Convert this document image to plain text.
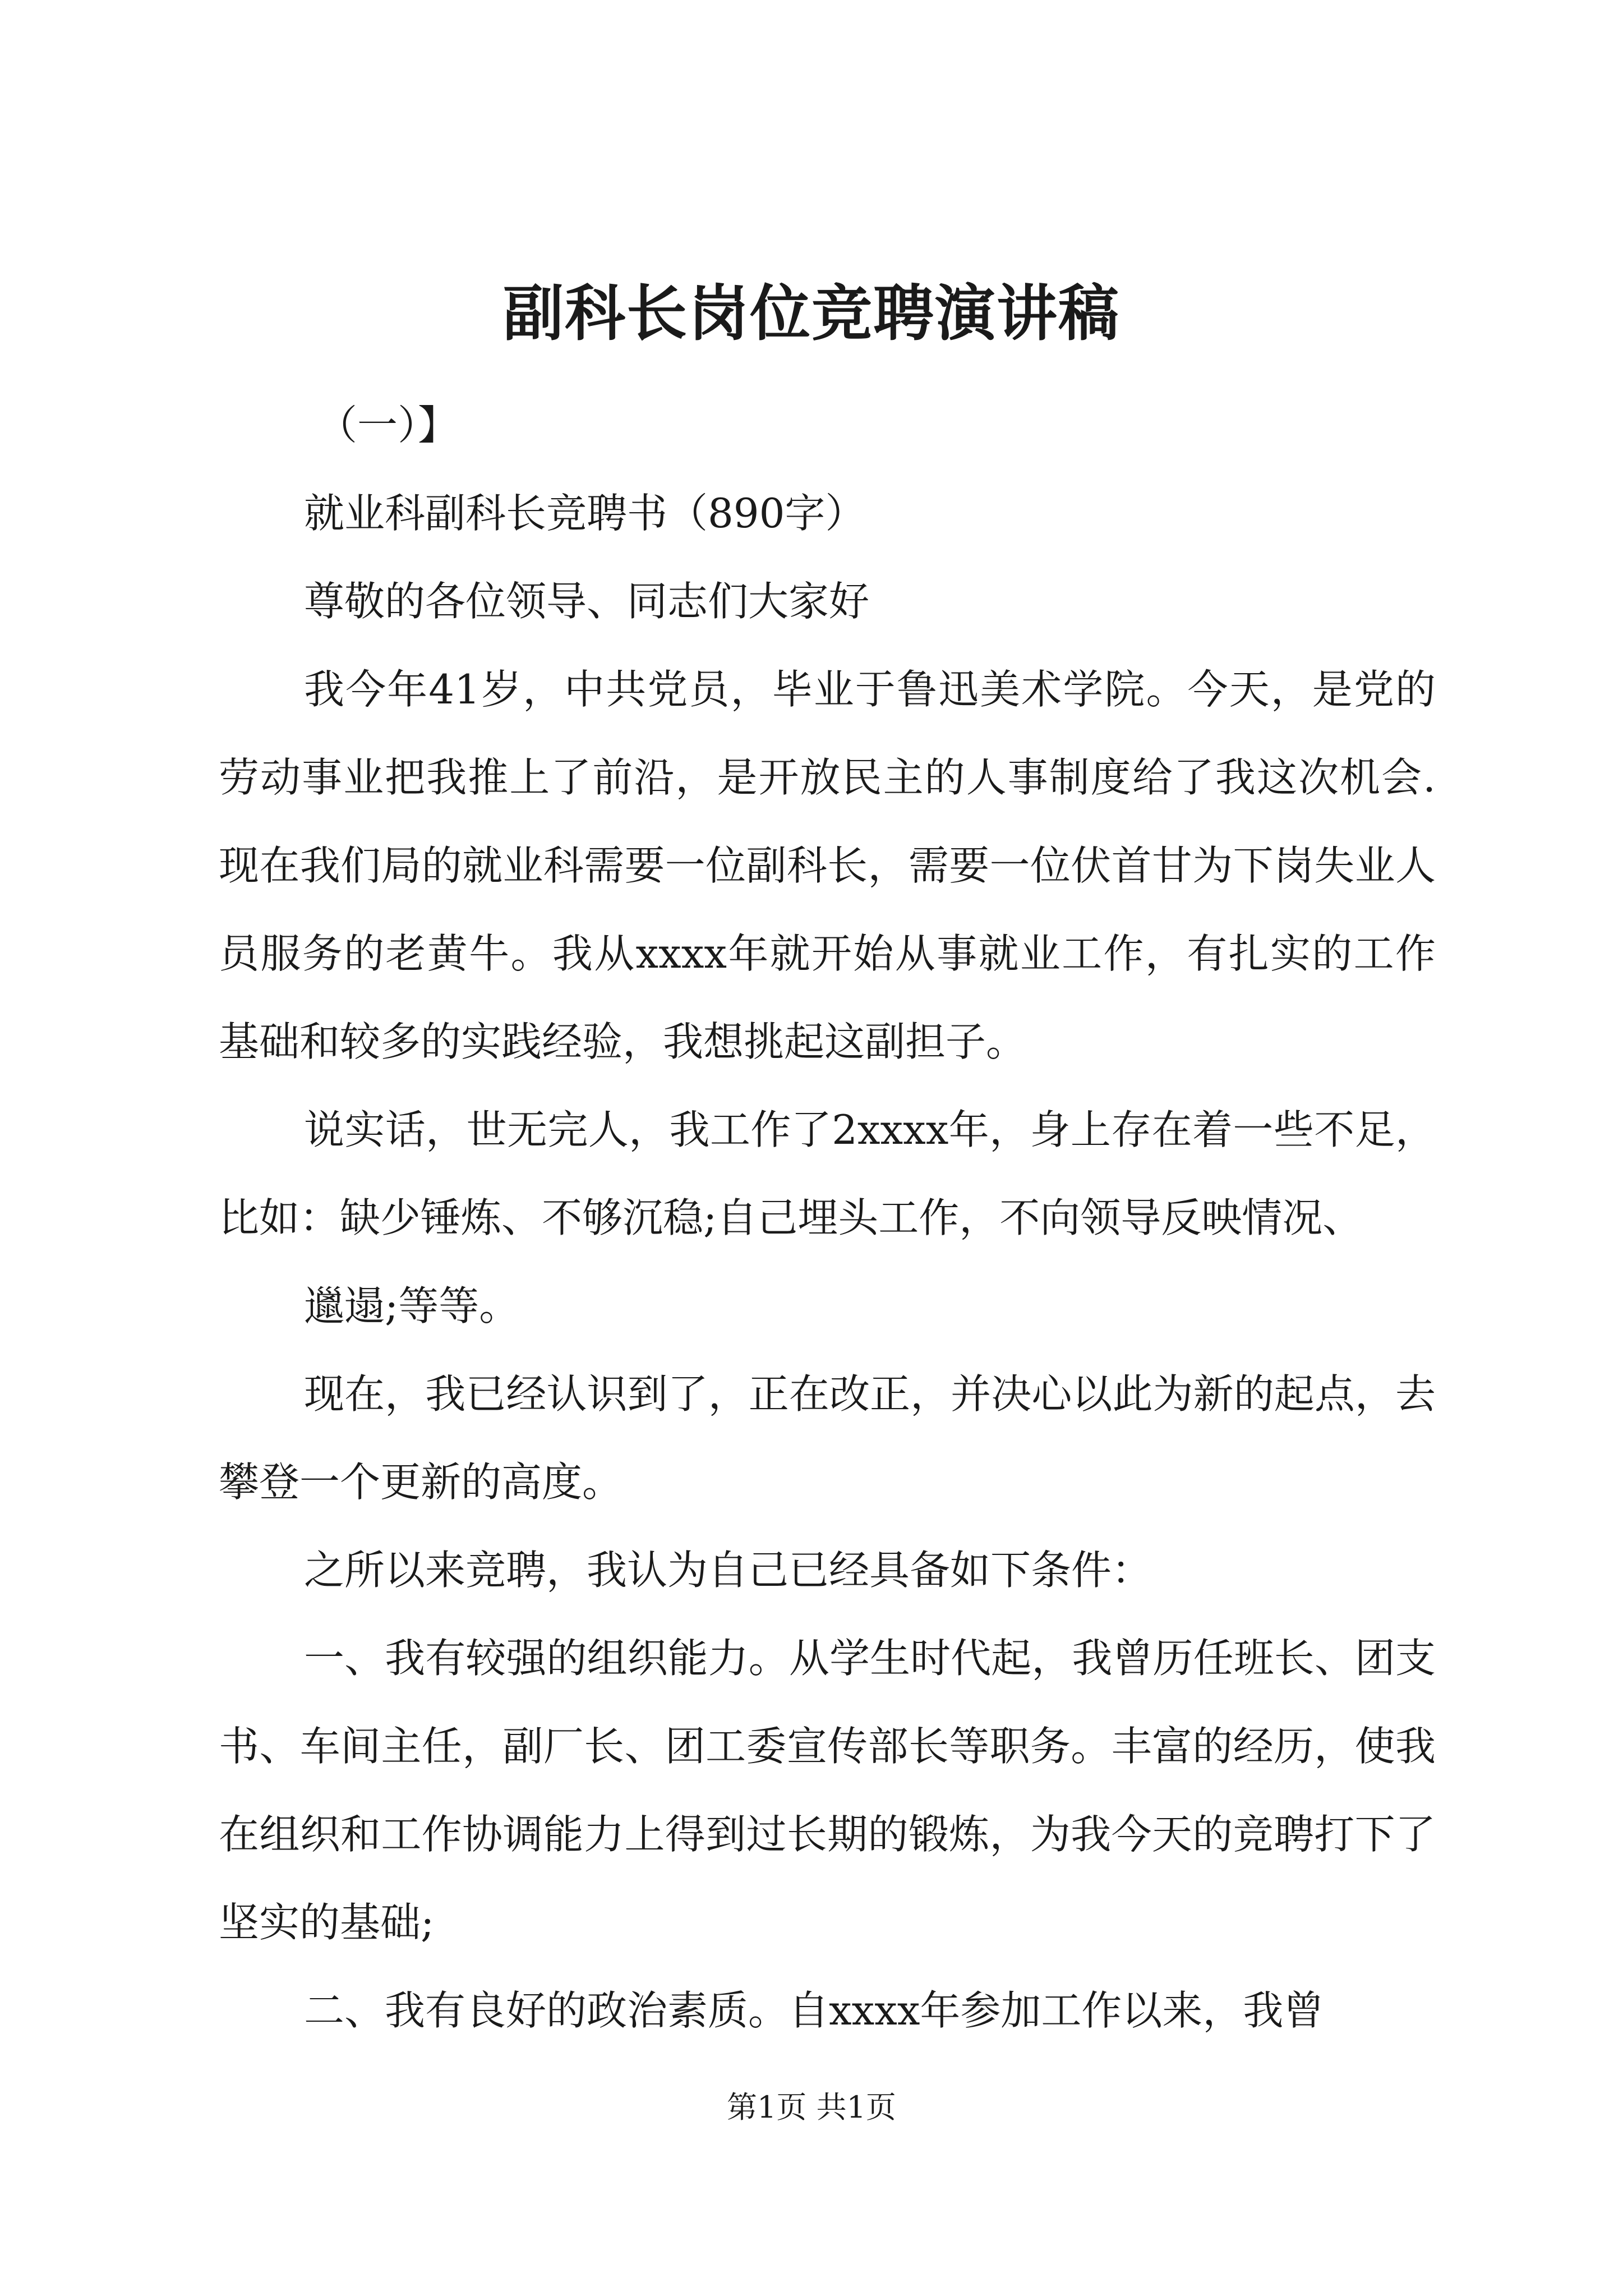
副科长岗位竞聘演讲稿

（一）】

就业科副科长竞聘书（890字）

尊敬的各位领导、同志们大家好

我今年41岁，中共党员，毕业于鲁迅美术学院。今天，是党的劳动事业把我推上了前沿，是开放民主的人事制度给了我这次机会.现在我们局的就业科需要一位副科长，需要一位伏首甘为下岗失业人员服务的老黄牛。我从xxxx年就开始从事就业工作，有扎实的工作基础和较多的实践经验，我想挑起这副担子。

说实话，世无完人，我工作了2xxxx年，身上存在着一些不足，比如：缺少锤炼、不够沉稳;自己埋头工作，不向领导反映情况、

邋遢;等等。

现在，我已经认识到了，正在改正，并决心以此为新的起点，去攀登一个更新的高度。

之所以来竞聘，我认为自己已经具备如下条件：

一、我有较强的组织能力。从学生时代起，我曾历任班长、团支书、车间主任，副厂长、团工委宣传部长等职务。丰富的经历，使我在组织和工作协调能力上得到过长期的锻炼，为我今天的竞聘打下了坚实的基础;

二、我有良好的政治素质。自xxxx年参加工作以来，我曾

第1页 共1页
